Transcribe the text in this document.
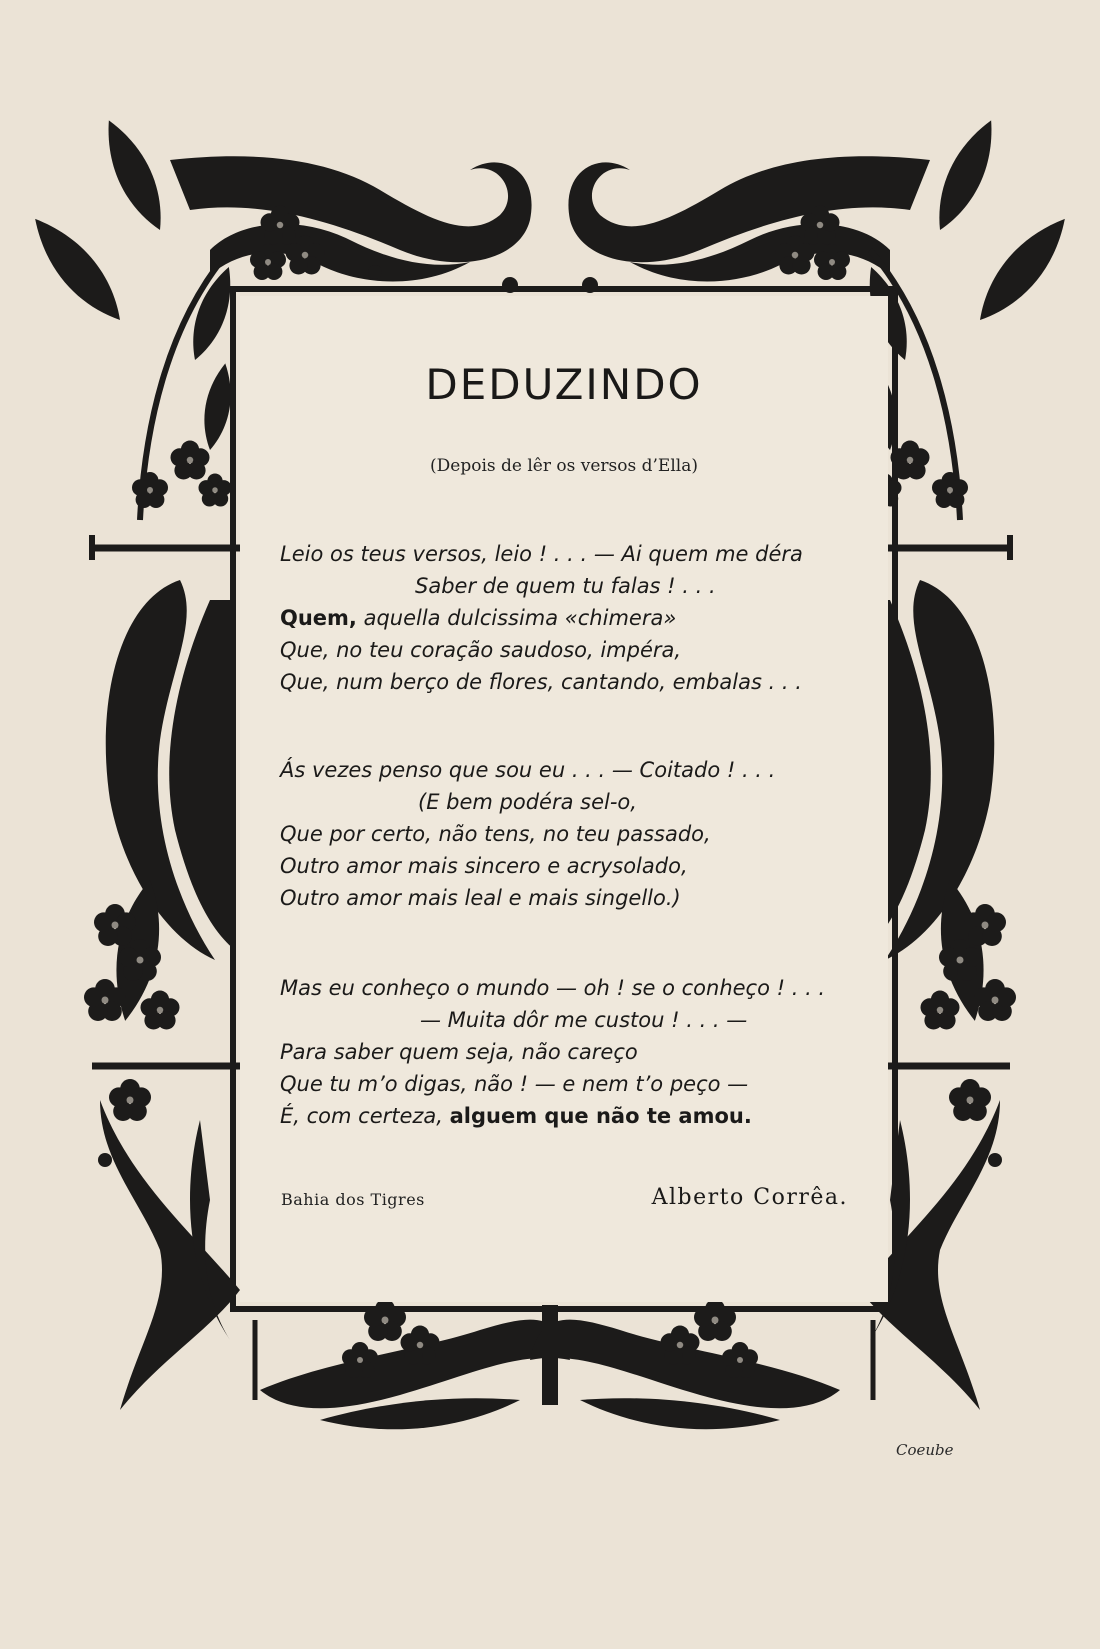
DEDUZINDO
(Depois de lêr os versos d’Ella)
Leio os teus versos, leio ! . . . — Ai quem me déra
Saber de quem tu falas ! . . .
Quem, aquella dulcissima «chimera»
Que, no teu coração saudoso, impéra,
Que, num berço de flores, cantando, embalas . . .
Ás vezes penso que sou eu . . . — Coitado ! . . .
(E bem podéra sel-o,
Que por certo, não tens, no teu passado,
Outro amor mais sincero e acrysolado,
Outro amor mais leal e mais singello.)
Mas eu conheço o mundo — oh ! se o conheço ! . . .
— Muita dôr me custou ! . . . —
Para saber quem seja, não careço
Que tu m’o digas, não ! — e nem t’o peço —
É, com certeza, alguem que não te amou.
Bahia dos Tigres	Alberto Corrêa.
Coeube
